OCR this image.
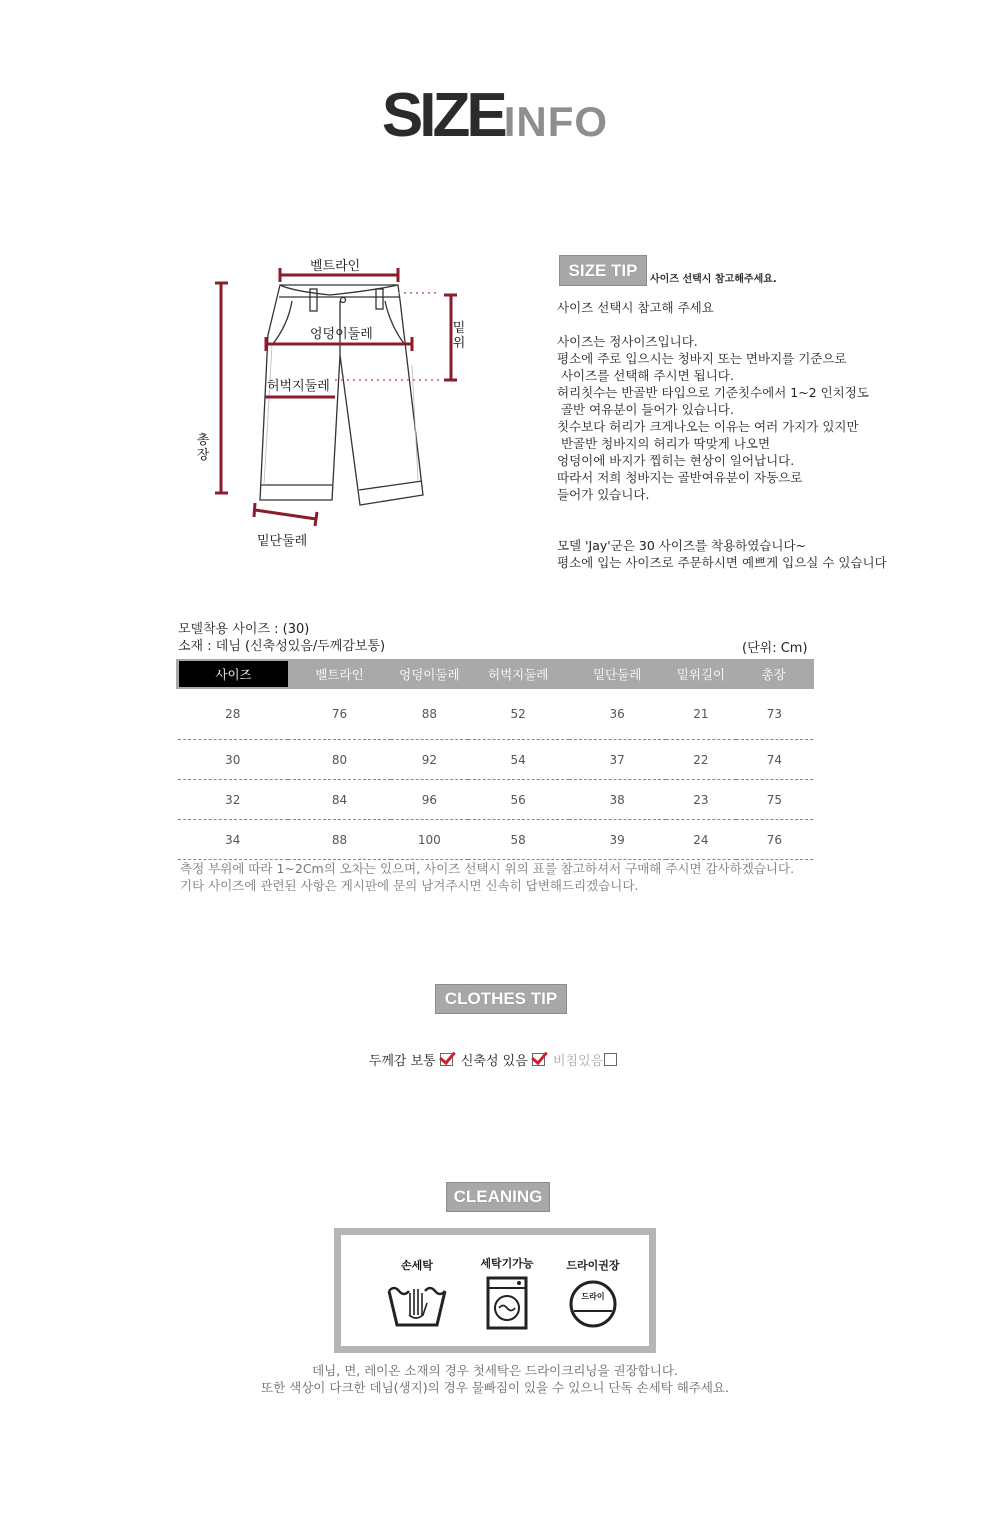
SIZEINFO
벨트라인
엉덩이둘레
허벅지둘레
밑단둘레
밑위
총장
SIZE TIP	사이즈 선택시 참고해주세요.

사이즈 선택시 참고해 주세요

사이즈는 정사이즈입니다.

평소에 주로 입으시는 청바지 또는 면바지를 기준으로

사이즈를 선택해 주시면 됩니다.

허리칫수는 반골반 타입으로 기준칫수에서 1~2 인치정도

골반 여유분이 들어가 있습니다.

칫수보다 허리가 크게나오는 이유는 여러 가지가 있지만

반골반 청바지의 허리가 딱맞게 나오면

엉덩이에 바지가 찝히는 현상이 일어납니다.

따라서 저희 청바지는 골반여유분이 자동으로

들어가 있습니다.

모델 'Jay'군은 30 사이즈를 착용하였습니다~

평소에 입는 사이즈로 주문하시면 예쁘게 입으실 수 있습니다

모델착용 사이즈 : (30)
소재 : 데님 (신축성있음/두께감보통)	(단위: Cm)
사이즈	벨트라인	엉덩이둘레	허벅지둘레	밑단둘레	밑위길이	총장
28	76	88	52	36	21	73
30	80	92	54	37	22	74
32	84	96	56	38	23	75
34	88	100	58	39	24	76

측정 부위에 따라 1~2Cm의 오차는 있으며, 사이즈 선택시 위의 표를 참고하셔서 구매해 주시면 감사하겠습니다.

기타 사이즈에 관련된 사항은 게시판에 문의 남겨주시면 신속히 답변해드리겠습니다.

CLOTHES TIP
두께감 보통 신축성 있음 비침있음
CLEANING
손세탁	세탁기가능	드라이권장
드라이

데님, 면, 레이온 소재의 경우 첫세탁은 드라이크리닝을 권장합니다.

또한 색상이 다크한 데님(생지)의 경우 물빠짐이 있을 수 있으니 단독 손세탁 해주세요.
